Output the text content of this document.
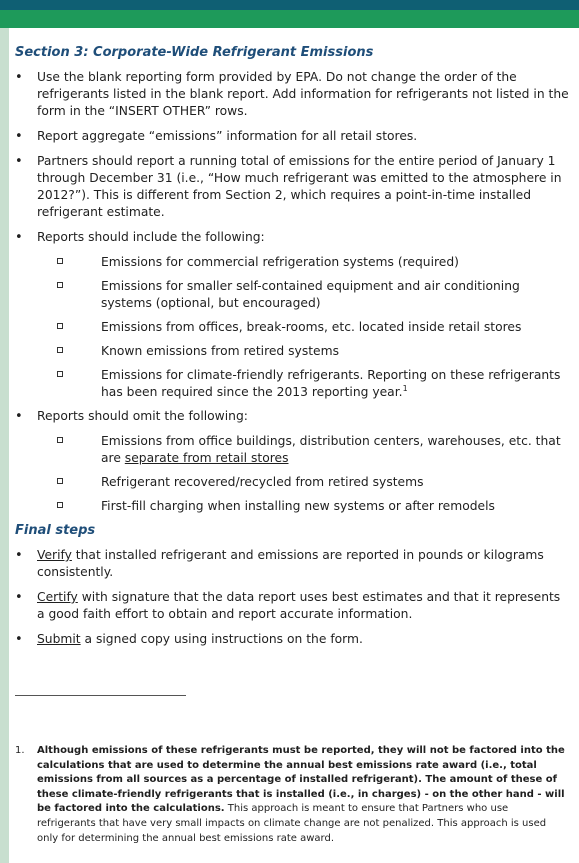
Section 3: Corporate-Wide Refrigerant Emissions
• Use the blank reporting form provided by EPA. Do not change the order of the refrigerants listed in the blank report. Add information for refrigerants not listed in the form in the “INSERT OTHER” rows.
• Report aggregate “emissions” information for all retail stores.
• Partners should report a running total of emissions for the entire period of January 1 through December 31 (i.e., “How much refrigerant was emitted to the atmosphere in 2012?”). This is different from Section 2, which requires a point-in-time installed refrigerant estimate.
• Reports should include the following:
Emissions for commercial refrigeration systems (required)
Emissions for smaller self-contained equipment and air conditioning systems (optional, but encouraged)
Emissions from offices, break-rooms, etc. located inside retail stores
Known emissions from retired systems
Emissions for climate-friendly refrigerants. Reporting on these refrigerants has been required since the 2013 reporting year.$^1$
• Reports should omit the following:
Emissions from office buildings, distribution centers, warehouses, etc. that are separate from retail stores
Refrigerant recovered/recycled from retired systems
First-fill charging when installing new systems or after remodels
Final steps
• Verify that installed refrigerant and emissions are reported in pounds or kilograms consistently.
• Certify with signature that the data report uses best estimates and that it represents a good faith effort to obtain and report accurate information.
• Submit a signed copy using instructions on the form.
1.	Although emissions of these refrigerants must be reported, they will not be factored into the calculations that are used to determine the annual best emissions rate award (i.e., total emissions from all sources as a percentage of installed refrigerant). The amount of these of these climate-friendly refrigerants that is installed (i.e., in charges) - on the other hand - will be factored into the calculations. This approach is meant to ensure that Partners who use refrigerants that have very small impacts on climate change are not penalized. This approach is used only for determining the annual best emissions rate award.
